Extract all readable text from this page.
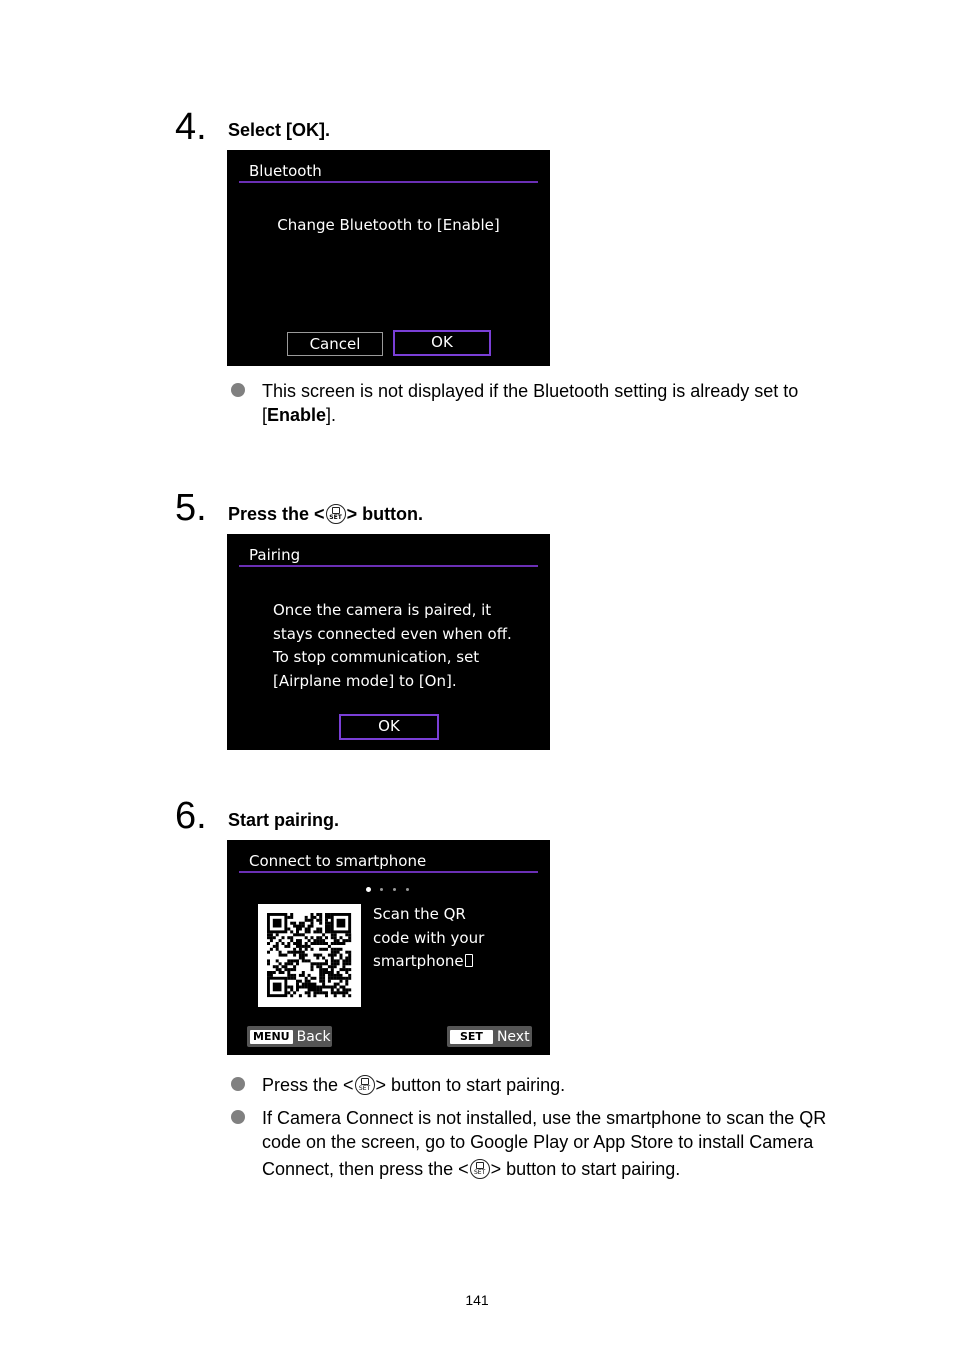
4. Select [OK].
Bluetooth
Change Bluetooth to [Enable]
Cancel	OK
This screen is not displayed if the Bluetooth setting is already set to [Enable].
5. Press the < SET > button.
Pairing
Once the camera is paired, it
stays connected even when off.
To stop communication, set
[Airplane mode] to [On].
OK
6. Start pairing.
Connect to smartphone
Scan the QR
code with your
smartphone
MENU Back	SET	Next
Press the < SET > button to start pairing.
If Camera Connect is not installed, use the smartphone to scan the QR
code on the screen, go to Google Play or App Store to install Camera
Connect, then press the < SET > button to start pairing.
141
